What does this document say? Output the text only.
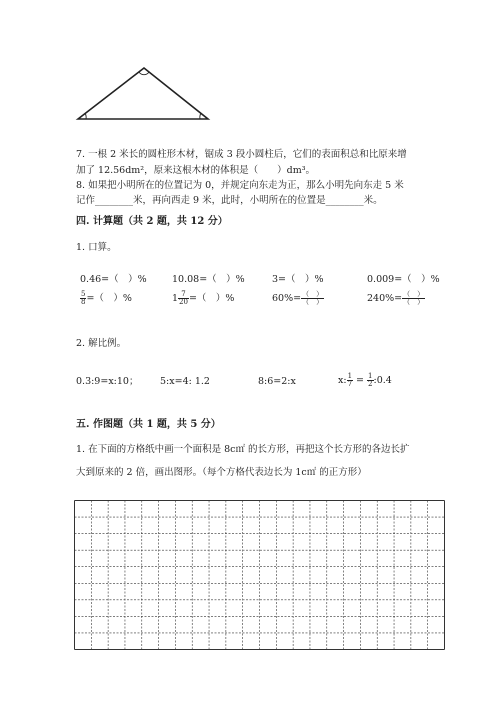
7. 一根 2 米长的圆柱形木材，锯成 3 段小圆柱后，它们的表面积总和比原来增
加了 12.56dm²，原来这根木材的体积是（　　）dm³。
8. 如果把小明所在的位置记为 0，并规定向东走为正，那么小明先向东走 5 米
记作________米，再向西走 9 米，此时，小明所在的位置是________米。
四. 计算题（共 2 题，共 12 分）
1. 口算。
0.46=（　）%	10.08=（　）%	3=（　）%	0.009=（　）%
$\frac{5}{8}$ =（　）%	$1 \frac{7}{20}$ =（　）%	$60\%= \frac{( )}{( )}$	$240\%= \frac{( )}{( )}$
2. 解比例。
0.3:9=x:10； 5:x=4: 1.2	8:6=2:x	x: $\frac{1}{7} = \frac{1}{2}$ :0.4
五. 作图题（共 1 题，共 5 分）
1. 在下面的方格纸中画一个面积是 8c㎡ 的长方形，再把这个长方形的各边长扩
大到原来的 2 倍，画出图形。（每个方格代表边长为 1c㎡ 的正方形）
